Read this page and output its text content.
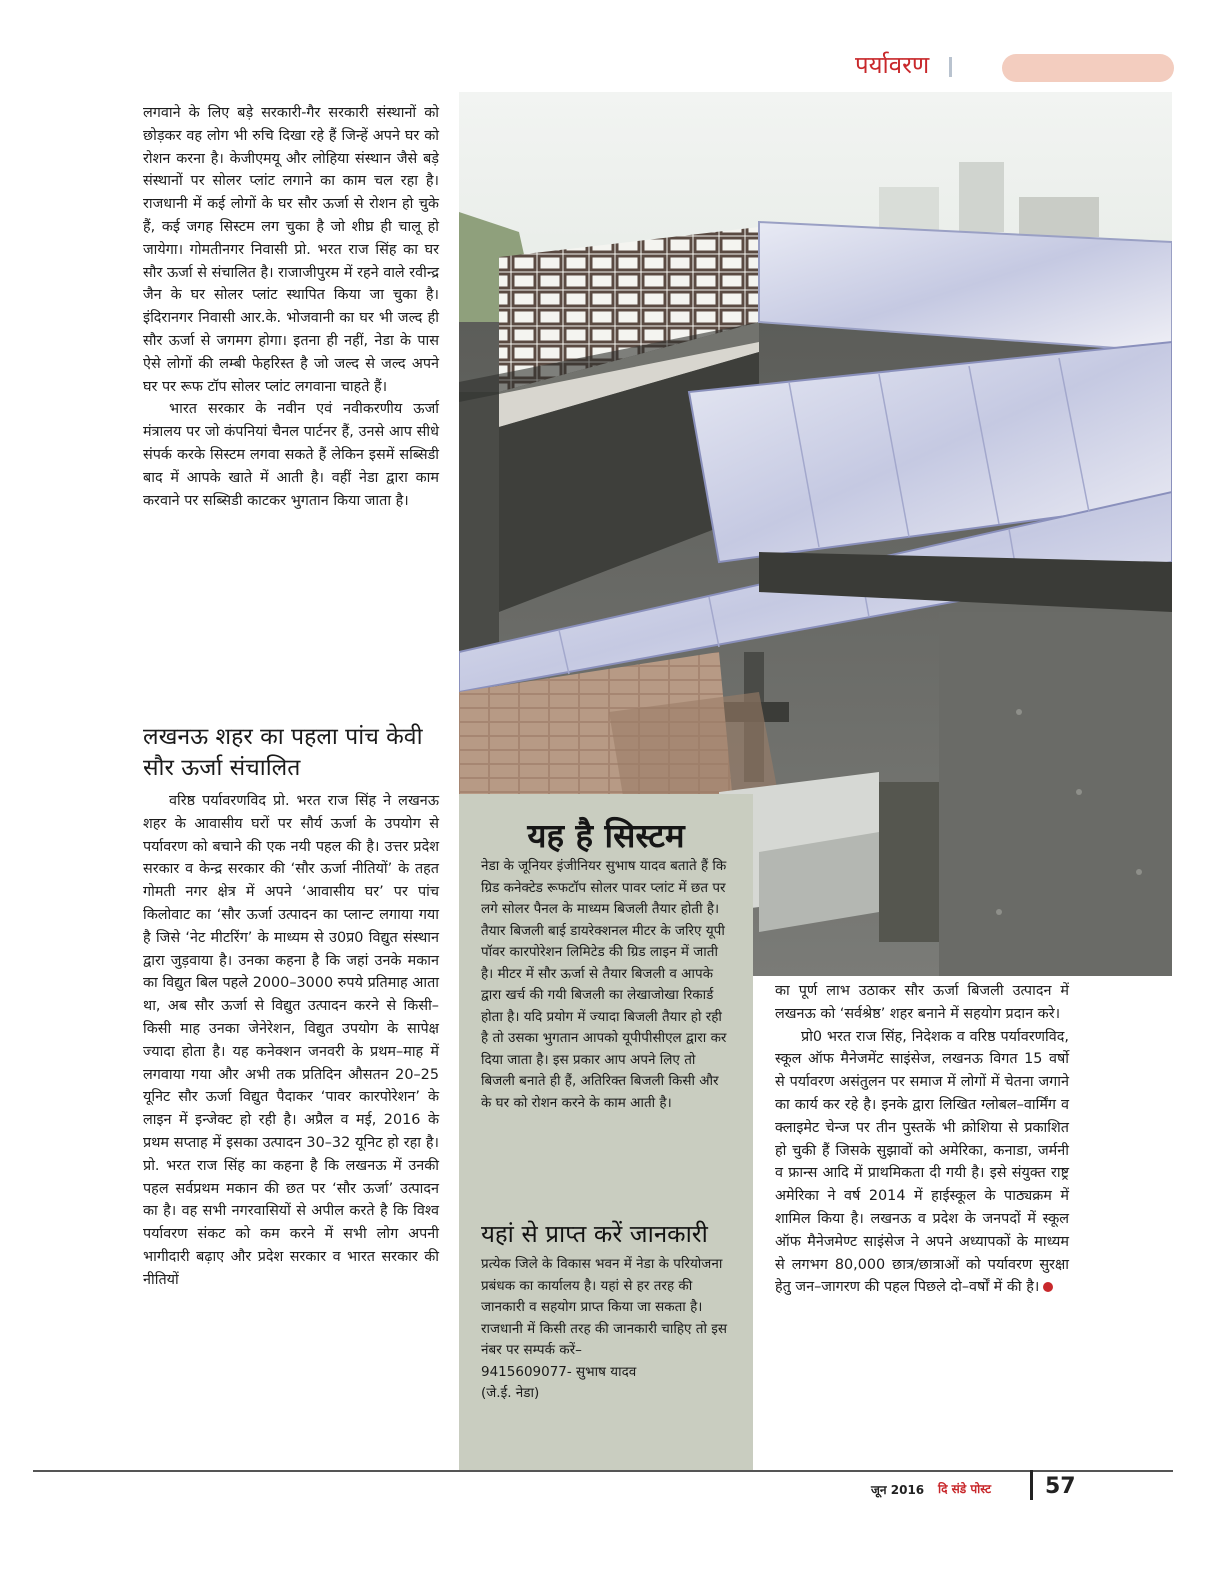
पर्यावरण

लगवाने के लिए बड़े सरकारी-गैर सरकारी संस्थानों को छोड़कर वह लोग भी रुचि दिखा रहे हैं जिन्हें अपने घर को रोशन करना है। केजीएमयू और लोहिया संस्थान जैसे बड़े संस्थानों पर सोलर प्लांट लगाने का काम चल रहा है। राजधानी में कई लोगों के घर सौर ऊर्जा से रोशन हो चुके हैं, कई जगह सिस्टम लग चुका है जो शीघ्र ही चालू हो जायेगा। गोमतीनगर निवासी प्रो. भरत राज सिंह का घर सौर ऊर्जा से संचालित है। राजाजीपुरम में रहने वाले रवीन्द्र जैन के घर सोलर प्लांट स्थापित किया जा चुका है। इंदिरानगर निवासी आर.के. भोजवानी का घर भी जल्द ही सौर ऊर्जा से जगमग होगा। इतना ही नहीं, नेडा के पास ऐसे लोगों की लम्बी फेहरिस्त है जो जल्द से जल्द अपने घर पर रूफ टॉप सोलर प्लांट लगवाना चाहते हैं।

भारत सरकार के नवीन एवं नवीकरणीय ऊर्जा मंत्रालय पर जो कंपनियां चैनल पार्टनर हैं, उनसे आप सीधे संपर्क करके सिस्टम लगवा सकते हैं लेकिन इसमें सब्सिडी बाद में आपके खाते में आती है। वहीं नेडा द्वारा काम करवाने पर सब्सिडी काटकर भुगतान किया जाता है।

लखनऊ शहर का पहला पांच केवी सौर ऊर्जा संचालित

वरिष्ठ पर्यावरणविद प्रो. भरत राज सिंह ने लखनऊ शहर के आवासीय घरों पर सौर्य ऊर्जा के उपयोग से पर्यावरण को बचाने की एक नयी पहल की है। उत्तर प्रदेश सरकार व केन्द्र सरकार की ‘सौर ऊर्जा नीतियों’ के तहत गोमती नगर क्षेत्र में अपने ‘आवासीय घर’ पर पांच किलोवाट का ‘सौर ऊर्जा उत्पादन का प्लान्ट लगाया गया है जिसे ‘नेट मीटरिंग’ के माध्यम से उ0प्र0 विद्युत संस्थान द्वारा जुड़वाया है। उनका कहना है कि जहां उनके मकान का विद्युत बिल पहले 2000–3000 रुपये प्रतिमाह आता था, अब सौर ऊर्जा से विद्युत उत्पादन करने से किसी–किसी माह उनका जेनेरेशन, विद्युत उपयोग के सापेक्ष ज्यादा होता है। यह कनेक्शन जनवरी के प्रथम–माह में लगवाया गया और अभी तक प्रतिदिन औसतन 20–25 यूनिट सौर ऊर्जा विद्युत पैदाकर ‘पावर कारपोरेशन’ के लाइन में इन्जेक्ट हो रही है। अप्रैल व मई, 2016 के प्रथम सप्ताह में इसका उत्पादन 30–32 यूनिट हो रहा है। प्रो. भरत राज सिंह का कहना है कि लखनऊ में उनकी पहल सर्वप्रथम मकान की छत पर ‘सौर ऊर्जा’ उत्पादन का है। वह सभी नगरवासियों से अपील करते है कि विश्व पर्यावरण संकट को कम करने में सभी लोग अपनी भागीदारी बढ़ाए और प्रदेश सरकार व भारत सरकार की नीतियों

यह है सिस्टम

नेडा के जूनियर इंजीनियर सुभाष यादव बताते हैं कि ग्रिड कनेक्टेड रूफटॉप सोलर पावर प्लांट में छत पर लगे सोलर पैनल के माध्यम बिजली तैयार होती है। तैयार बिजली बाई डायरेक्शनल मीटर के जरिए यूपी पॉवर कारपोरेशन लिमिटेड की ग्रिड लाइन में जाती है। मीटर में सौर ऊर्जा से तैयार बिजली व आपके द्वारा खर्च की गयी बिजली का लेखाजोखा रिकार्ड होता है। यदि प्रयोग में ज्यादा बिजली तैयार हो रही है तो उसका भुगतान आपको यूपीपीसीएल द्वारा कर दिया जाता है। इस प्रकार आप अपने लिए तो बिजली बनाते ही हैं, अतिरिक्त बिजली किसी और के घर को रोशन करने के काम आती है।

यहां से प्राप्त करें जानकारी

प्रत्येक जिले के विकास भवन में नेडा के परियोजना प्रबंधक का कार्यालय है। यहां से हर तरह की जानकारी व सहयोग प्राप्त किया जा सकता है। राजधानी में किसी तरह की जानकारी चाहिए तो इस नंबर पर सम्पर्क करें–

9415609077- सुभाष यादव

(जे.ई. नेडा)

का पूर्ण लाभ उठाकर सौर ऊर्जा बिजली उत्पादन में लखनऊ को ‘सर्वश्रेष्ठ’ शहर बनाने में सहयोग प्रदान करे।

प्रो0 भरत राज सिंह, निदेशक व वरिष्ठ पर्यावरणविद, स्कूल ऑफ मैनेजमेंट साइंसेज, लखनऊ विगत 15 वर्षो से पर्यावरण असंतुलन पर समाज में लोगों में चेतना जगाने का कार्य कर रहे है। इनके द्वारा लिखित ग्लोबल–वार्मिंग व क्लाइमेट चेन्ज पर तीन पुस्तकें भी क्रोशिया से प्रकाशित हो चुकी हैं जिसके सुझावों को अमेरिका, कनाडा, जर्मनी व फ्रान्स आदि में प्राथमिकता दी गयी है। इसे संयुक्त राष्ट्र अमेरिका ने वर्ष 2014 में हाईस्कूल के पाठ्यक्रम में शामिल किया है। लखनऊ व प्रदेश के जनपदों में स्कूल ऑफ मैनेजमेण्ट साइंसेज ने अपने अध्यापकों के माध्यम से लगभग 80,000 छात्र/छात्राओं को पर्यावरण सुरक्षा हेतु जन–जागरण की पहल पिछले दो–वर्षों में की है।

जून 2016 दि संडे पोस्ट 57
